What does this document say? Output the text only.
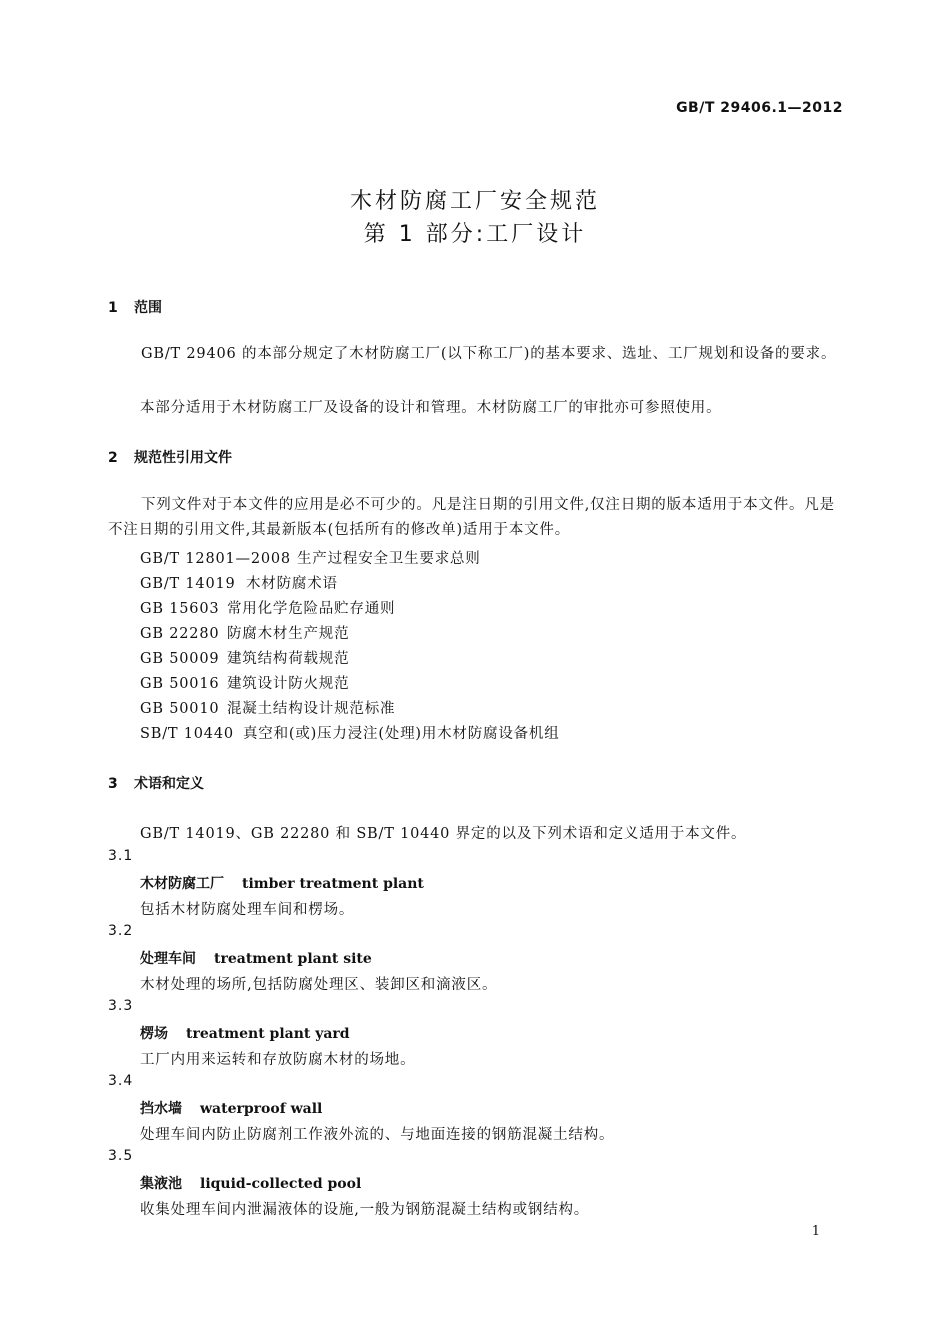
GB/T 29406.1—2012
木材防腐工厂安全规范
第 1 部分:工厂设计
1 范围
GB/T 29406 的本部分规定了木材防腐工厂(以下称工厂)的基本要求、选址、工厂规划和设备的要求。
本部分适用于木材防腐工厂及设备的设计和管理。木材防腐工厂的审批亦可参照使用。
2 规范性引用文件
下列文件对于本文件的应用是必不可少的。凡是注日期的引用文件,仅注日期的版本适用于本文件。凡是不注日期的引用文件,其最新版本(包括所有的修改单)适用于本文件。
GB/T 12801—2008 生产过程安全卫生要求总则
GB/T 14019 木材防腐术语
GB 15603 常用化学危险品贮存通则
GB 22280 防腐木材生产规范
GB 50009 建筑结构荷载规范
GB 50016 建筑设计防火规范
GB 50010 混凝土结构设计规范标准
SB/T 10440 真空和(或)压力浸注(处理)用木材防腐设备机组
3 术语和定义
GB/T 14019、GB 22280 和 SB/T 10440 界定的以及下列术语和定义适用于本文件。
3.1
木材防腐工厂 timber treatment plant
包括木材防腐处理车间和楞场。
3.2
处理车间 treatment plant site
木材处理的场所,包括防腐处理区、装卸区和滴液区。
3.3
楞场 treatment plant yard
工厂内用来运转和存放防腐木材的场地。
3.4
挡水墙 waterproof wall
处理车间内防止防腐剂工作液外流的、与地面连接的钢筋混凝土结构。
3.5
集液池 liquid-collected pool
收集处理车间内泄漏液体的设施,一般为钢筋混凝土结构或钢结构。
1
